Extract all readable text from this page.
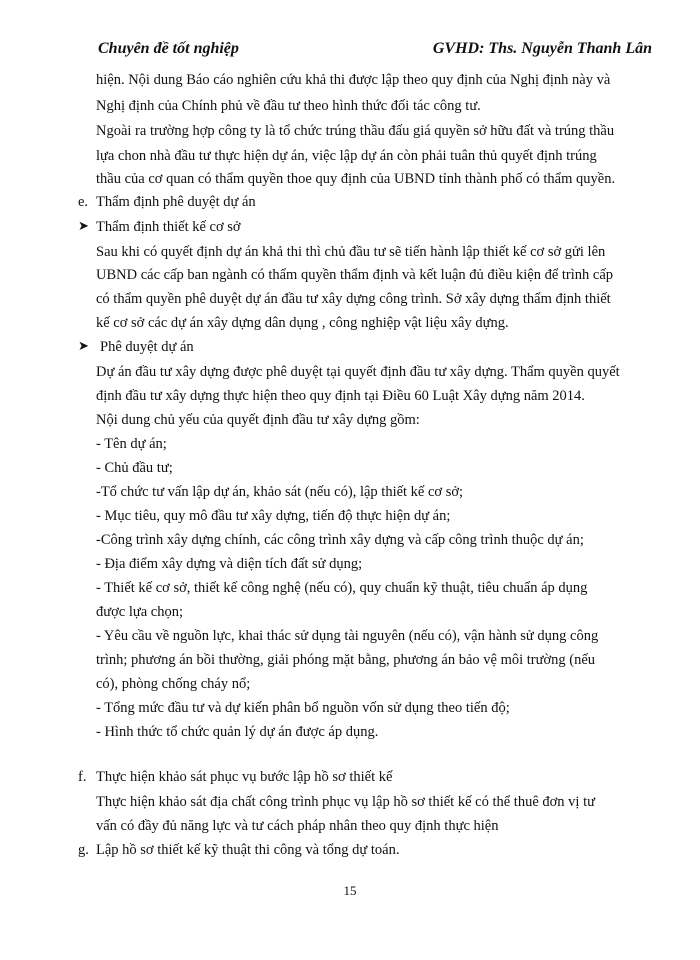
Chuyên đề tốt nghiệp	GVHD: Ths. Nguyễn Thanh Lân
hiện. Nội dung Báo cáo nghiên cứu khả thi được lập theo quy định của Nghị định này và
Nghị định của Chính phủ về đầu tư theo hình thức đối tác công tư.
Ngoài ra trường hợp công ty là tổ chức trúng thầu đấu giá quyền sở hữu đất và trúng thầu
lựa chon nhà đầu tư thực hiện dự án, việc lập dự án còn phải tuân thủ quyết định trúng
thầu của cơ quan có thẩm quyền thoe quy định của UBND tỉnh thành phố có thẩm quyền.
e. Thẩm định phê duyệt dự án
➤ Thẩm định thiết kế cơ sở
Sau khi có quyết định dự án khả thi thì chủ đầu tư sẽ tiến hành lập thiết kế cơ sở gửi lên
UBND các cấp ban ngành có thẩm quyền thẩm định và kết luận đủ điều kiện để trình cấp
có thẩm quyền phê duyệt dự án đầu tư xây dựng công trình. Sở xây dựng thẩm định thiết
kế cơ sở các dự án xây dựng dân dụng , công nghiệp vật liệu xây dựng.
➤ Phê duyệt dự án
Dự án đầu tư xây dựng được phê duyệt tại quyết định đầu tư xây dựng. Thẩm quyền quyết
định đầu tư xây dựng thực hiện theo quy định tại Điều 60 Luật Xây dựng năm 2014.
Nội dung chủ yếu của quyết định đầu tư xây dựng gồm:
- Tên dự án;
- Chủ đầu tư;
-Tổ chức tư vấn lập dự án, khảo sát (nếu có), lập thiết kế cơ sở;
- Mục tiêu, quy mô đầu tư xây dựng, tiến độ thực hiện dự án;
-Công trình xây dựng chính, các công trình xây dựng và cấp công trình thuộc dự án;
- Địa điểm xây dựng và diện tích đất sử dụng;
- Thiết kế cơ sở, thiết kế công nghệ (nếu có), quy chuẩn kỹ thuật, tiêu chuẩn áp dụng
được lựa chọn;
- Yêu cầu về nguồn lực, khai thác sử dụng tài nguyên (nếu có), vận hành sử dụng công
trình; phương án bồi thường, giải phóng mặt bằng, phương án bảo vệ môi trường (nếu
có), phòng chống cháy nổ;
- Tổng mức đầu tư và dự kiến phân bổ nguồn vốn sử dụng theo tiến độ;
- Hình thức tổ chức quản lý dự án được áp dụng.
f. Thực hiện khảo sát phục vụ bước lập hồ sơ thiết kế
Thực hiện khảo sát địa chất công trình phục vụ lập hồ sơ thiết kế có thể thuê đơn vị tư
vấn có đầy đủ năng lực và tư cách pháp nhân theo quy định thực hiện
g. Lập hồ sơ thiết kế kỹ thuật thi công và tổng dự toán.
15
